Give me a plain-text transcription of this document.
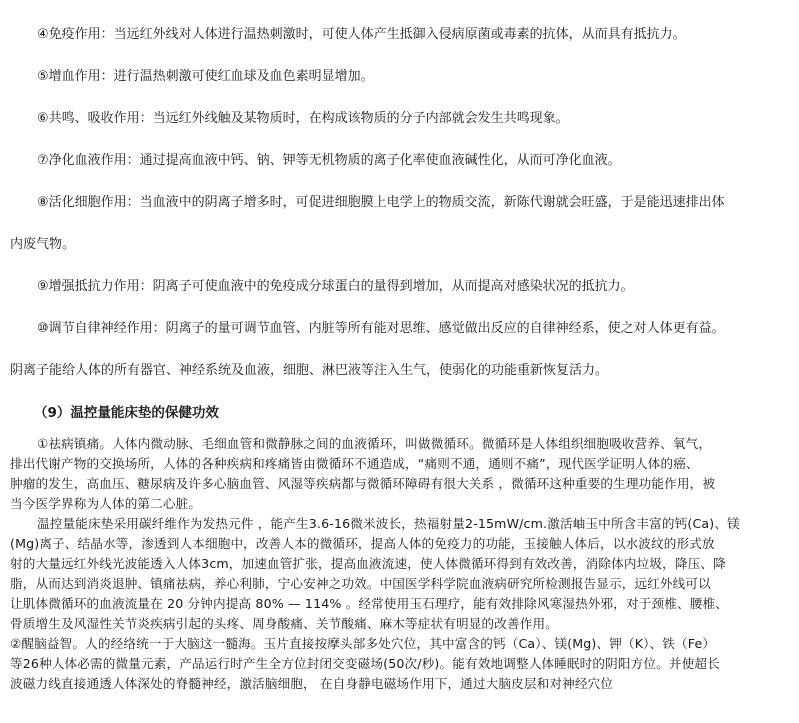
④免疫作用：当远红外线对人体进行温热刺激时，可使人体产生抵御入侵病原菌或毒素的抗体，从而具有抵抗力。
⑤增血作用：进行温热刺激可使红血球及血色素明显增加。
⑥共鸣、吸收作用：当远红外线触及某物质时，在构成该物质的分子内部就会发生共鸣现象。
⑦净化血液作用：通过提高血液中钙、钠、钾等无机物质的离子化率使血液碱性化，从而可净化血液。
⑧活化细胞作用：当血液中的阴离子增多时，可促进细胞膜上电学上的物质交流，新陈代谢就会旺盛，于是能迅速排出体
内废气物。
⑨增强抵抗力作用：阴离子可使血液中的免疫成分球蛋白的量得到增加，从而提高对感染状况的抵抗力。
⑩调节自律神经作用：阴离子的量可调节血管、内脏等所有能对思维、感觉做出反应的自律神经系，使之对人体更有益。
阴离子能给人体的所有器官、神经系统及血液，细胞、淋巴液等注入生气，使弱化的功能重新恢复活力。
（9）温控量能床垫的保健功效
①祛病镇痛。人体内微动脉、毛细血管和微静脉之间的血液循环，叫做微循环。微循环是人体组织细胞吸收营养、氧气，
排出代谢产物的交换场所，人体的各种疾病和疼痛皆由微循环不通造成，“痛则不通，通则不痛”，现代医学证明人体的癌、
肿瘤的发生，高血压、糖尿病及许多心脑血管、风湿等疾病都与微循环障碍有很大关系 ，微循环这种重要的生理功能作用，被
当今医学界称为人体的第二心脏。
温控量能床垫采用碳纤维作为发热元件 ，能产生3.6-16微米波长，热福射量2-15mW/cm.激活岫玉中所含丰富的钙(Ca)、镁
(Mg)离子、结晶水等，渗透到人本细胞中，改善人本的微循环，提高人体的免疫力的功能，玉接触人体后，以水波纹的形式放
射的大量远红外线光波能透入人体3cm，加速血管扩张，提高血液流速，使人体微循环得到有效改善，消除体内垃圾，降压、降
脂，从而达到消炎退肿、镇痛祛病，养心利肺，宁心安神之功效。中国医学科学院血液病研究所检测报告显示，远红外线可以
让肌体微循环的血液流量在 20 分钟内提高 80% — 114% 。经常使用玉石理疗，能有效排除风寒湿热外邪，对于颈椎、腰椎、
骨质增生及风湿性关节炎疾病引起的头疼、周身酸痛、关节酸痛、麻木等症状有明显的改善作用。
②醒脑益智。人的经络统一于大脑这一髓海。玉片直接按摩头部多处穴位，其中富含的钙（Ca）、镁(Mg)、钾（K）、铁（Fe）
等26种人体必需的微量元素，产品运行时产生全方位封闭交变磁场(50次/秒)。能有效地调整人体睡眠时的阴阳方位。并使超长
波磁力线直接通透人体深处的脊髓神经，激活脑细胞， 在自身静电磁场作用下，通过大脑皮层和对神经穴位
